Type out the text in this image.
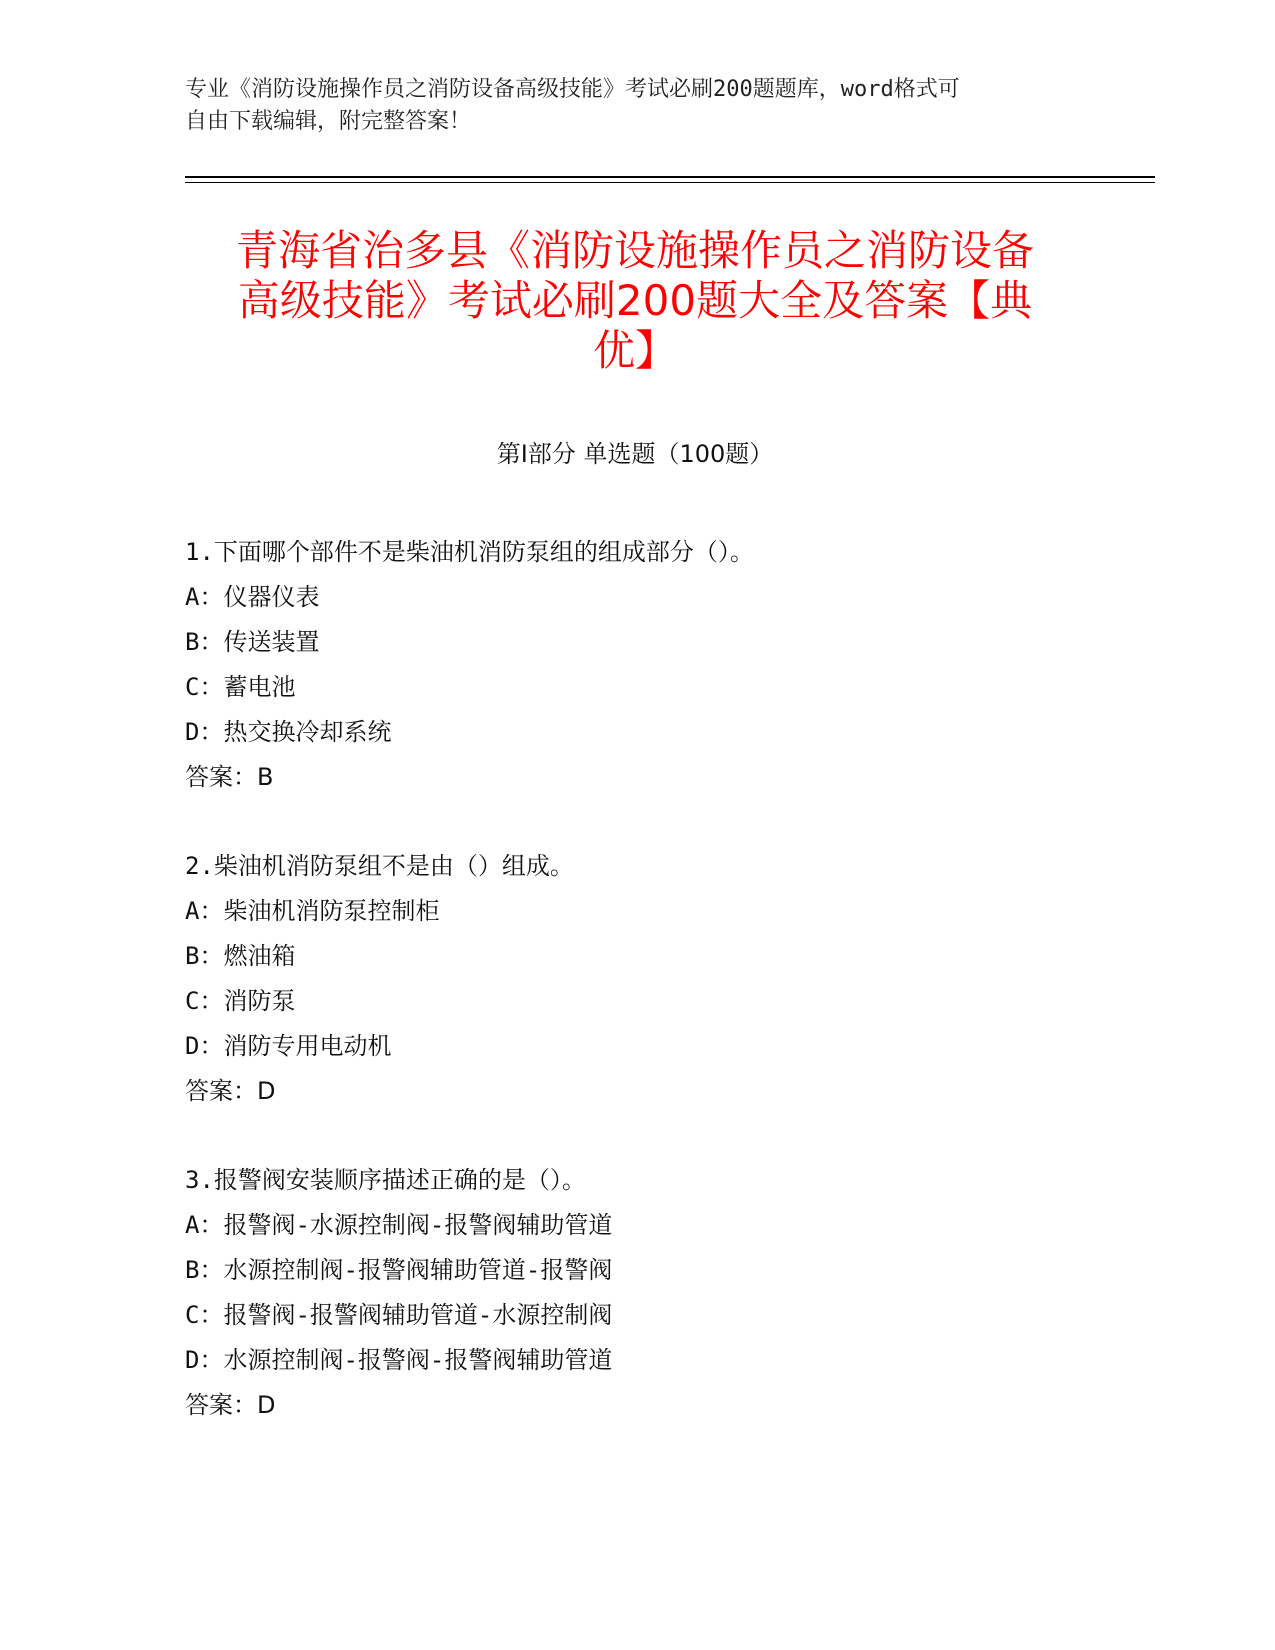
专业《消防设施操作员之消防设备高级技能》考试必刷200题题库，word格式可
自由下载编辑，附完整答案！
青海省治多县《消防设施操作员之消防设备
高级技能》考试必刷200题大全及答案【典
优】
第Ⅰ部分 单选题（100题）
1.下面哪个部件不是柴油机消防泵组的组成部分（）。
A：仪器仪表
B：传送装置
C：蓄电池
D：热交换冷却系统
答案：B
2.柴油机消防泵组不是由（）组成。
A：柴油机消防泵控制柜
B：燃油箱
C：消防泵
D：消防专用电动机
答案：D
3.报警阀安装顺序描述正确的是（）。
A：报警阀-水源控制阀-报警阀辅助管道
B：水源控制阀-报警阀辅助管道-报警阀
C：报警阀-报警阀辅助管道-水源控制阀
D：水源控制阀-报警阀-报警阀辅助管道
答案：D
